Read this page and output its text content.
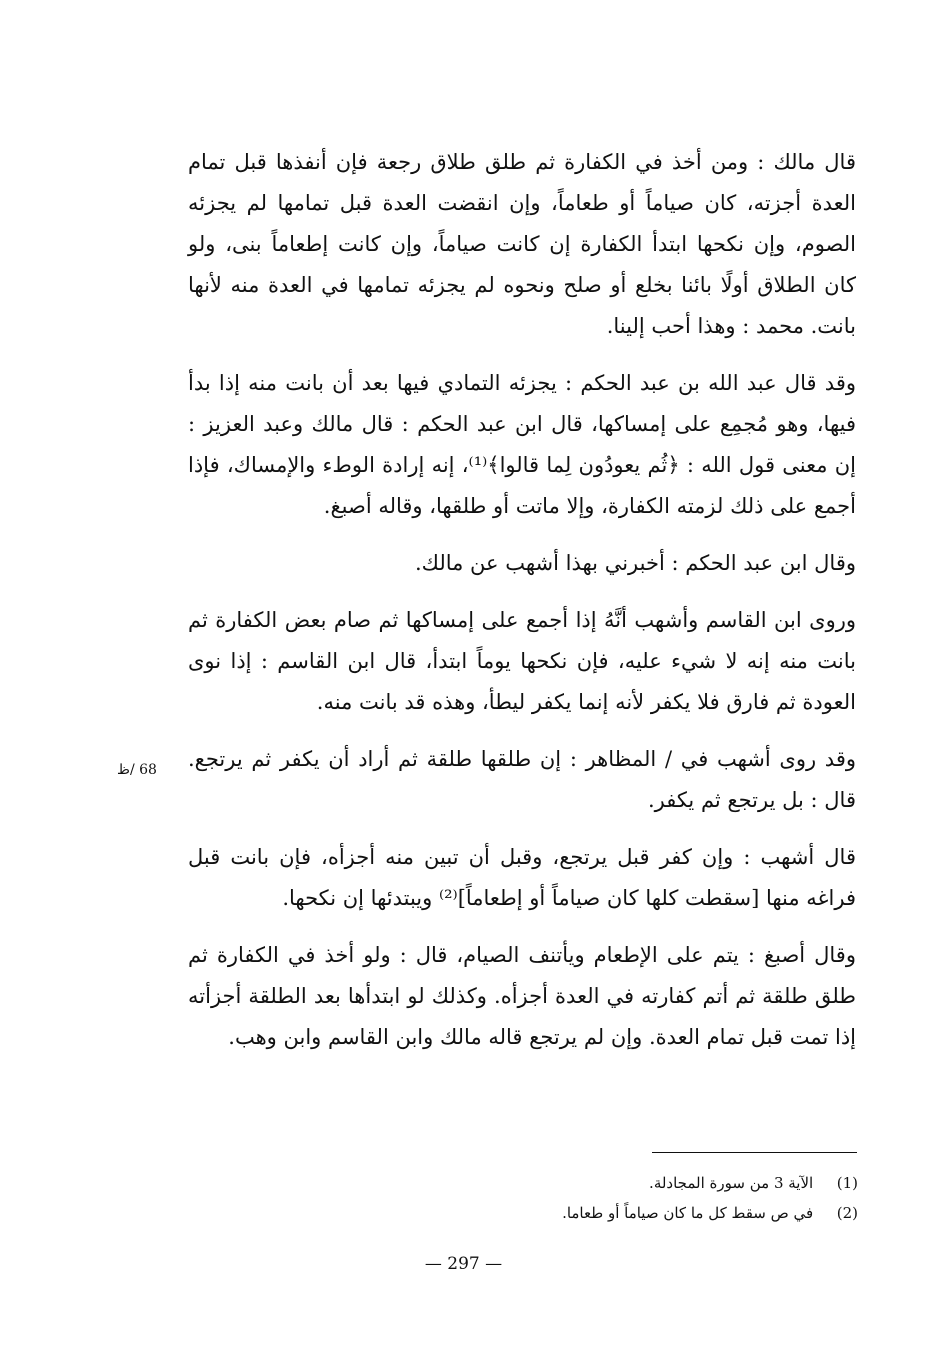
قال مالك : ومن أخذ في الكفارة ثم طلق طلاق رجعة فإن أنفذها قبل تمام العدة أجزته، كان صياماً أو طعاماً، وإن انقضت العدة قبل تمامها لم يجزئه الصوم، وإن نكحها ابتدأ الكفارة إن كانت صياماً، وإن كانت إطعاماً بنى، ولو كان الطلاق أولًا بائنا بخلع أو صلح ونحوه لم يجزئه تمامها في العدة منه لأنها بانت. محمد : وهذا أحب إلينا.

وقد قال عبد الله بن عبد الحكم : يجزئه التمادي فيها بعد أن بانت منه إذا بدأ فيها، وهو مُجمِع على إمساكها، قال ابن عبد الحكم : قال مالك وعبد العزيز : إن معنى قول الله : ﴿ثُم يعودُون لِما قالوا﴾⁽¹⁾، إنه إرادة الوطء والإمساك، فإذا أجمع على ذلك لزمته الكفارة، وإلا ماتت أو طلقها، وقاله أصبغ.

وقال ابن عبد الحكم : أخبرني بهذا أشهب عن مالك.

وروى ابن القاسم وأشهب أنَّهُ إذا أجمع على إمساكها ثم صام بعض الكفارة ثم بانت منه إنه لا شيء عليه، فإن نكحها يوماً ابتدأ، قال ابن القاسم : إذا نوى العودة ثم فارق فلا يكفر لأنه إنما يكفر ليطأ، وهذه قد بانت منه.

وقد روى أشهب في / المظاهر : إن طلقها طلقة ثم أراد أن يكفر ثم يرتجع. قال : بل يرتجع ثم يكفر.

قال أشهب : وإن كفر قبل يرتجع، وقبل أن تبين منه أجزأه، فإن بانت قبل فراغه منها [سقطت كلها كان صياماً أو إطعاماً]⁽²⁾ ويبتدئها إن نكحها.

وقال أصبغ : يتم على الإطعام ويأتنف الصيام، قال : ولو أخذ في الكفارة ثم طلق طلقة ثم أتم كفارته في العدة أجزأه. وكذلك لو ابتدأها بعد الطلقة أجزأته إذا تمت قبل تمام العدة. وإن لم يرتجع قاله مالك وابن القاسم وابن وهب.

68 /ظ
(1) الآية 3 من سورة المجادلة.
(2) في ص سقط كل ما كان صياماً أو طعاما.
— 297 —
